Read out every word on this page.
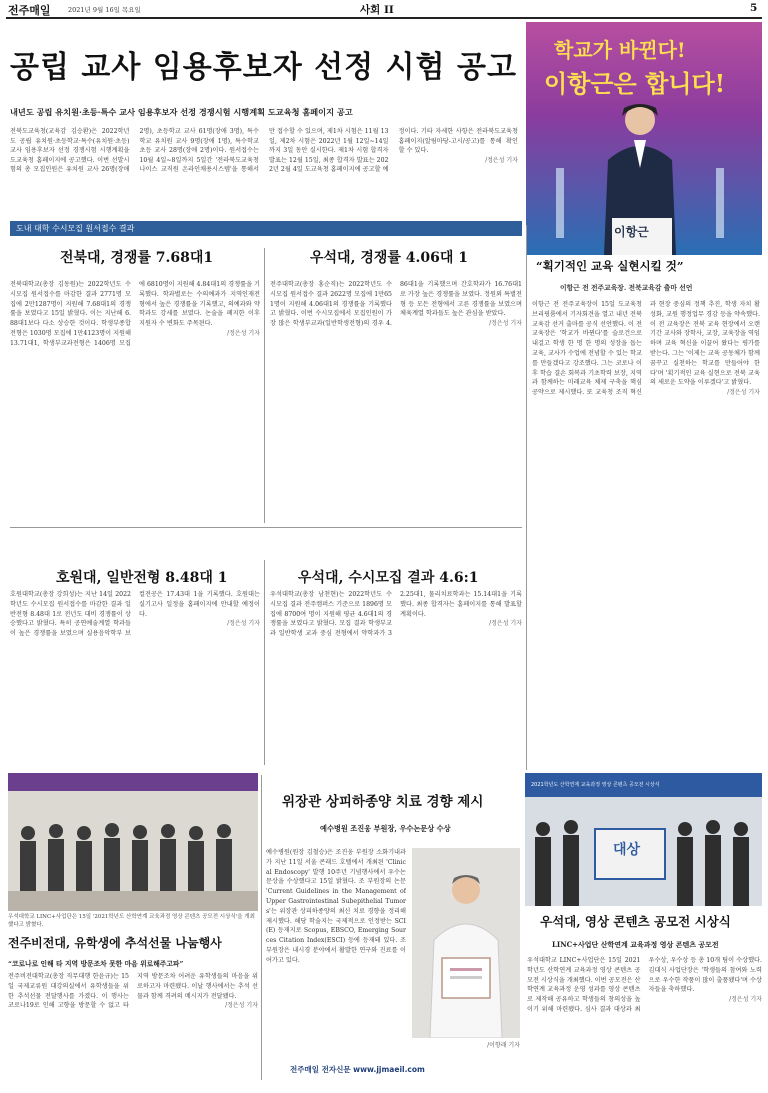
전주매일	2021년 9월 16일 목요일	사회 II	5
공립 교사 임용후보자 선정 시험 공고
내년도 공립 유치원·초등·특수 교사 임용후보자 선정 경쟁시험 시행계획 도교육청 홈페이지 공고
전북도교육청(교육감 김승환)은 2022학년도 공립 유치원·초등학교·특수(유치원·초등) 교사 임용후보자 선정 경쟁시험 시행계획을 도교육청 홈페이지에 공고했다. 이번 선발시험의 총 모집인원은 유치원 교사 26명(장애 2명), 초등학교 교사 61명(장애 3명), 특수학교 유치원 교사 9명(장애 1명), 특수학교 초등 교사 28명(장애 2명)이다. 원서접수는 10월 4일~8일까지 5일간 '전라북도교육청 나이스 교직원 온라인채용시스템'을 통해서만 접수할 수 있으며, 제1차 시험은 11월 13일, 제2차 시험은 2022년 1월 12일~14일까지 3일 동안 실시한다. 제1차 시험 합격자 발표는 12월 15일, 최종 합격자 발표는 2022년 2월 4일 도교육청 홈페이지에 공고할 예정이다. 기타 자세한 사항은 전라북도교육청 홈페이지(알림마당-고시/공고)를 통해 확인할 수 있다.
/정은성 기자
학교가 바뀐다!
이항근은 합니다!
이항근
도내 대학 수시모집 원서접수 결과
전북대, 경쟁률 7.68대1
전북대학교(총장 김동원)는 2022학년도 수시모집 원서접수를 마감한 결과 2771명 모집에 2만1287명이 지원해 7.68대1의 경쟁률을 보였다고 15일 밝혔다. 이는 지난해 6.88대1보다 다소 상승한 것이다. 학생부종합전형은 1030명 모집에 1만4123명이 지원해 13.71대1, 학생부교과전형은 1406명 모집에 6810명이 지원해 4.84대1의 경쟁률을 기록했다. 학과별로는 수의예과가 지역인재전형에서 높은 경쟁률을 기록했고, 의예과와 약학과도 강세를 보였다. 논술을 폐지한 이후 지원자 수 변화도 주목된다.
/정은성 기자
우석대, 경쟁률 4.06대 1
전주대학교(총장 홍순직)는 2022학년도 수시모집 원서접수 결과 2622명 모집에 1만651명이 지원해 4.06대1의 경쟁률을 기록했다고 밝혔다. 이번 수시모집에서 모집인원이 가장 많은 학생부교과(일반학생전형)의 경우 4.86대1을 기록했으며 간호학과가 16.76대1로 가장 높은 경쟁률을 보였다. 정원외 특별전형 등 모든 전형에서 고른 경쟁률을 보였으며 체육계열 학과들도 높은 관심을 받았다.
/정은성 기자
호원대, 일반전형 8.48대 1
호원대학교(총장 강희성)는 지난 14일 2022학년도 수시모집 원서접수를 마감한 결과 일반전형 8.48대 1로 전년도 대비 경쟁률이 상승했다고 밝혔다. 특히 공연예술계열 학과들이 높은 경쟁률을 보였으며 실용음악학부 보컬전공은 17.43대 1을 기록했다. 호원대는 실기고사 일정을 홈페이지에 안내할 예정이다.
/정은성 기자
우석대, 수시모집 결과 4.6:1
우석대학교(총장 남천현)는 2022학년도 수시모집 결과 전주캠퍼스 기준으로 1896명 모집에 8700여 명이 지원해 평균 4.6대1의 경쟁률을 보였다고 밝혔다. 모집 결과 학생부교과 일반학생 교과 중심 전형에서 약학과가 32.25대1, 물리치료학과는 15.14대1을 기록했다. 최종 합격자는 홈페이지를 통해 발표할 계획이다.
/정은성 기자
“획기적인 교육 실현시킬 것”
이항근 전 전주교육장. 전북교육감 출마 선언
이항근 전 전주교육장이 15일 도교육청 브리핑룸에서 기자회견을 열고 내년 전북교육감 선거 출마를 공식 선언했다. 이 전 교육장은 '학교가 바뀐다'를 슬로건으로 내걸고 학생 한 명 한 명의 성장을 돕는 교육, 교사가 수업에 전념할 수 있는 학교를 만들겠다고 강조했다. 그는 코로나 이후 학습 결손 회복과 기초학력 보장, 지역과 함께하는 미래교육 체제 구축을 핵심 공약으로 제시했다. 또 교육청 조직 혁신과 현장 중심의 정책 추진, 학생 자치 활성화, 교원 행정업무 경감 등을 약속했다. 이 전 교육장은 전북 교육 현장에서 오랜 기간 교사와 장학사, 교장, 교육장을 역임하며 교육 혁신을 이끌어 왔다는 평가를 받는다. 그는 '이제는 교육 공동체가 함께 꿈꾸고 실천하는 학교를 만들어야 한다'며 '획기적인 교육 실현으로 전북 교육의 새로운 도약을 이루겠다'고 밝혔다.
/정은성 기자
우석대학교 LINC+사업단은 15일 '2021학년도 산학연계 교육과정 영상 콘텐츠 공모전 시상식'을 개최했다고 밝혔다.
전주비전대, 유학생에 추석선물 나눔행사
“코로나로 인해 타 지역 방문조차 못한 마음 위로해주고파”
전주비전대학교(총장 직무대행 한윤규)는 15일 국제교류원 대강의실에서 유학생들을 위한 추석선물 전달행사를 가졌다. 이 행사는 코로나19로 인해 고향을 방문할 수 없고 타 지역 방문조차 어려운 유학생들의 마음을 위로하고자 마련됐다. 이날 행사에서는 추석 선물과 함께 격려의 메시지가 전달됐다.
/정은성 기자
위장관 상피하종양 치료 경향 제시
예수병원 조진웅 부원장, 우수논문상 수상
예수병원(원장 김철승)은 조진웅 부원장 소화기내과가 지난 11일 서울 콘래드 호텔에서 개최된 'Clinical Endoscopy' 발행 10주년 기념행사에서 우수논문상을 수상했다고 15일 밝혔다. 조 부원장의 논문 'Current Guidelines in the Management of Upper Gastrointestinal Subepithelial Tumors'는 위장관 상피하종양의 최신 치료 경향을 정리해 제시했다. 해당 학술지는 국제적으로 인정받는 SCI(E) 등재지로 Scopus, EBSCO, Emerging Sources Citation Index(ESCI) 등에 등재돼 있다. 조 부원장은 내시경 분야에서 활발한 연구와 진료를 이어가고 있다.
/이향래 기자
2021학년도 산학연계 교육과정 영상 콘텐츠 공모전 시상식
대상
우석대, 영상 콘텐츠 공모전 시상식
LINC+사업단 산학연계 교육과정 영상 콘텐츠 공모전
우석대학교 LINC+사업단은 15일 2021학년도 산학연계 교육과정 영상 콘텐츠 공모전 시상식을 개최했다. 이번 공모전은 산학연계 교육과정 운영 성과를 영상 콘텐츠로 제작해 공유하고 학생들의 창의성을 높이기 위해 마련됐다. 심사 결과 대상과 최우수상, 우수상 등 총 10개 팀이 수상했다. 김대식 사업단장은 '학생들의 참여와 노력으로 우수한 작품이 많이 출품됐다'며 수상자들을 축하했다.
/정은성 기자
전주매일 전자신문 www.jjmaeil.com
